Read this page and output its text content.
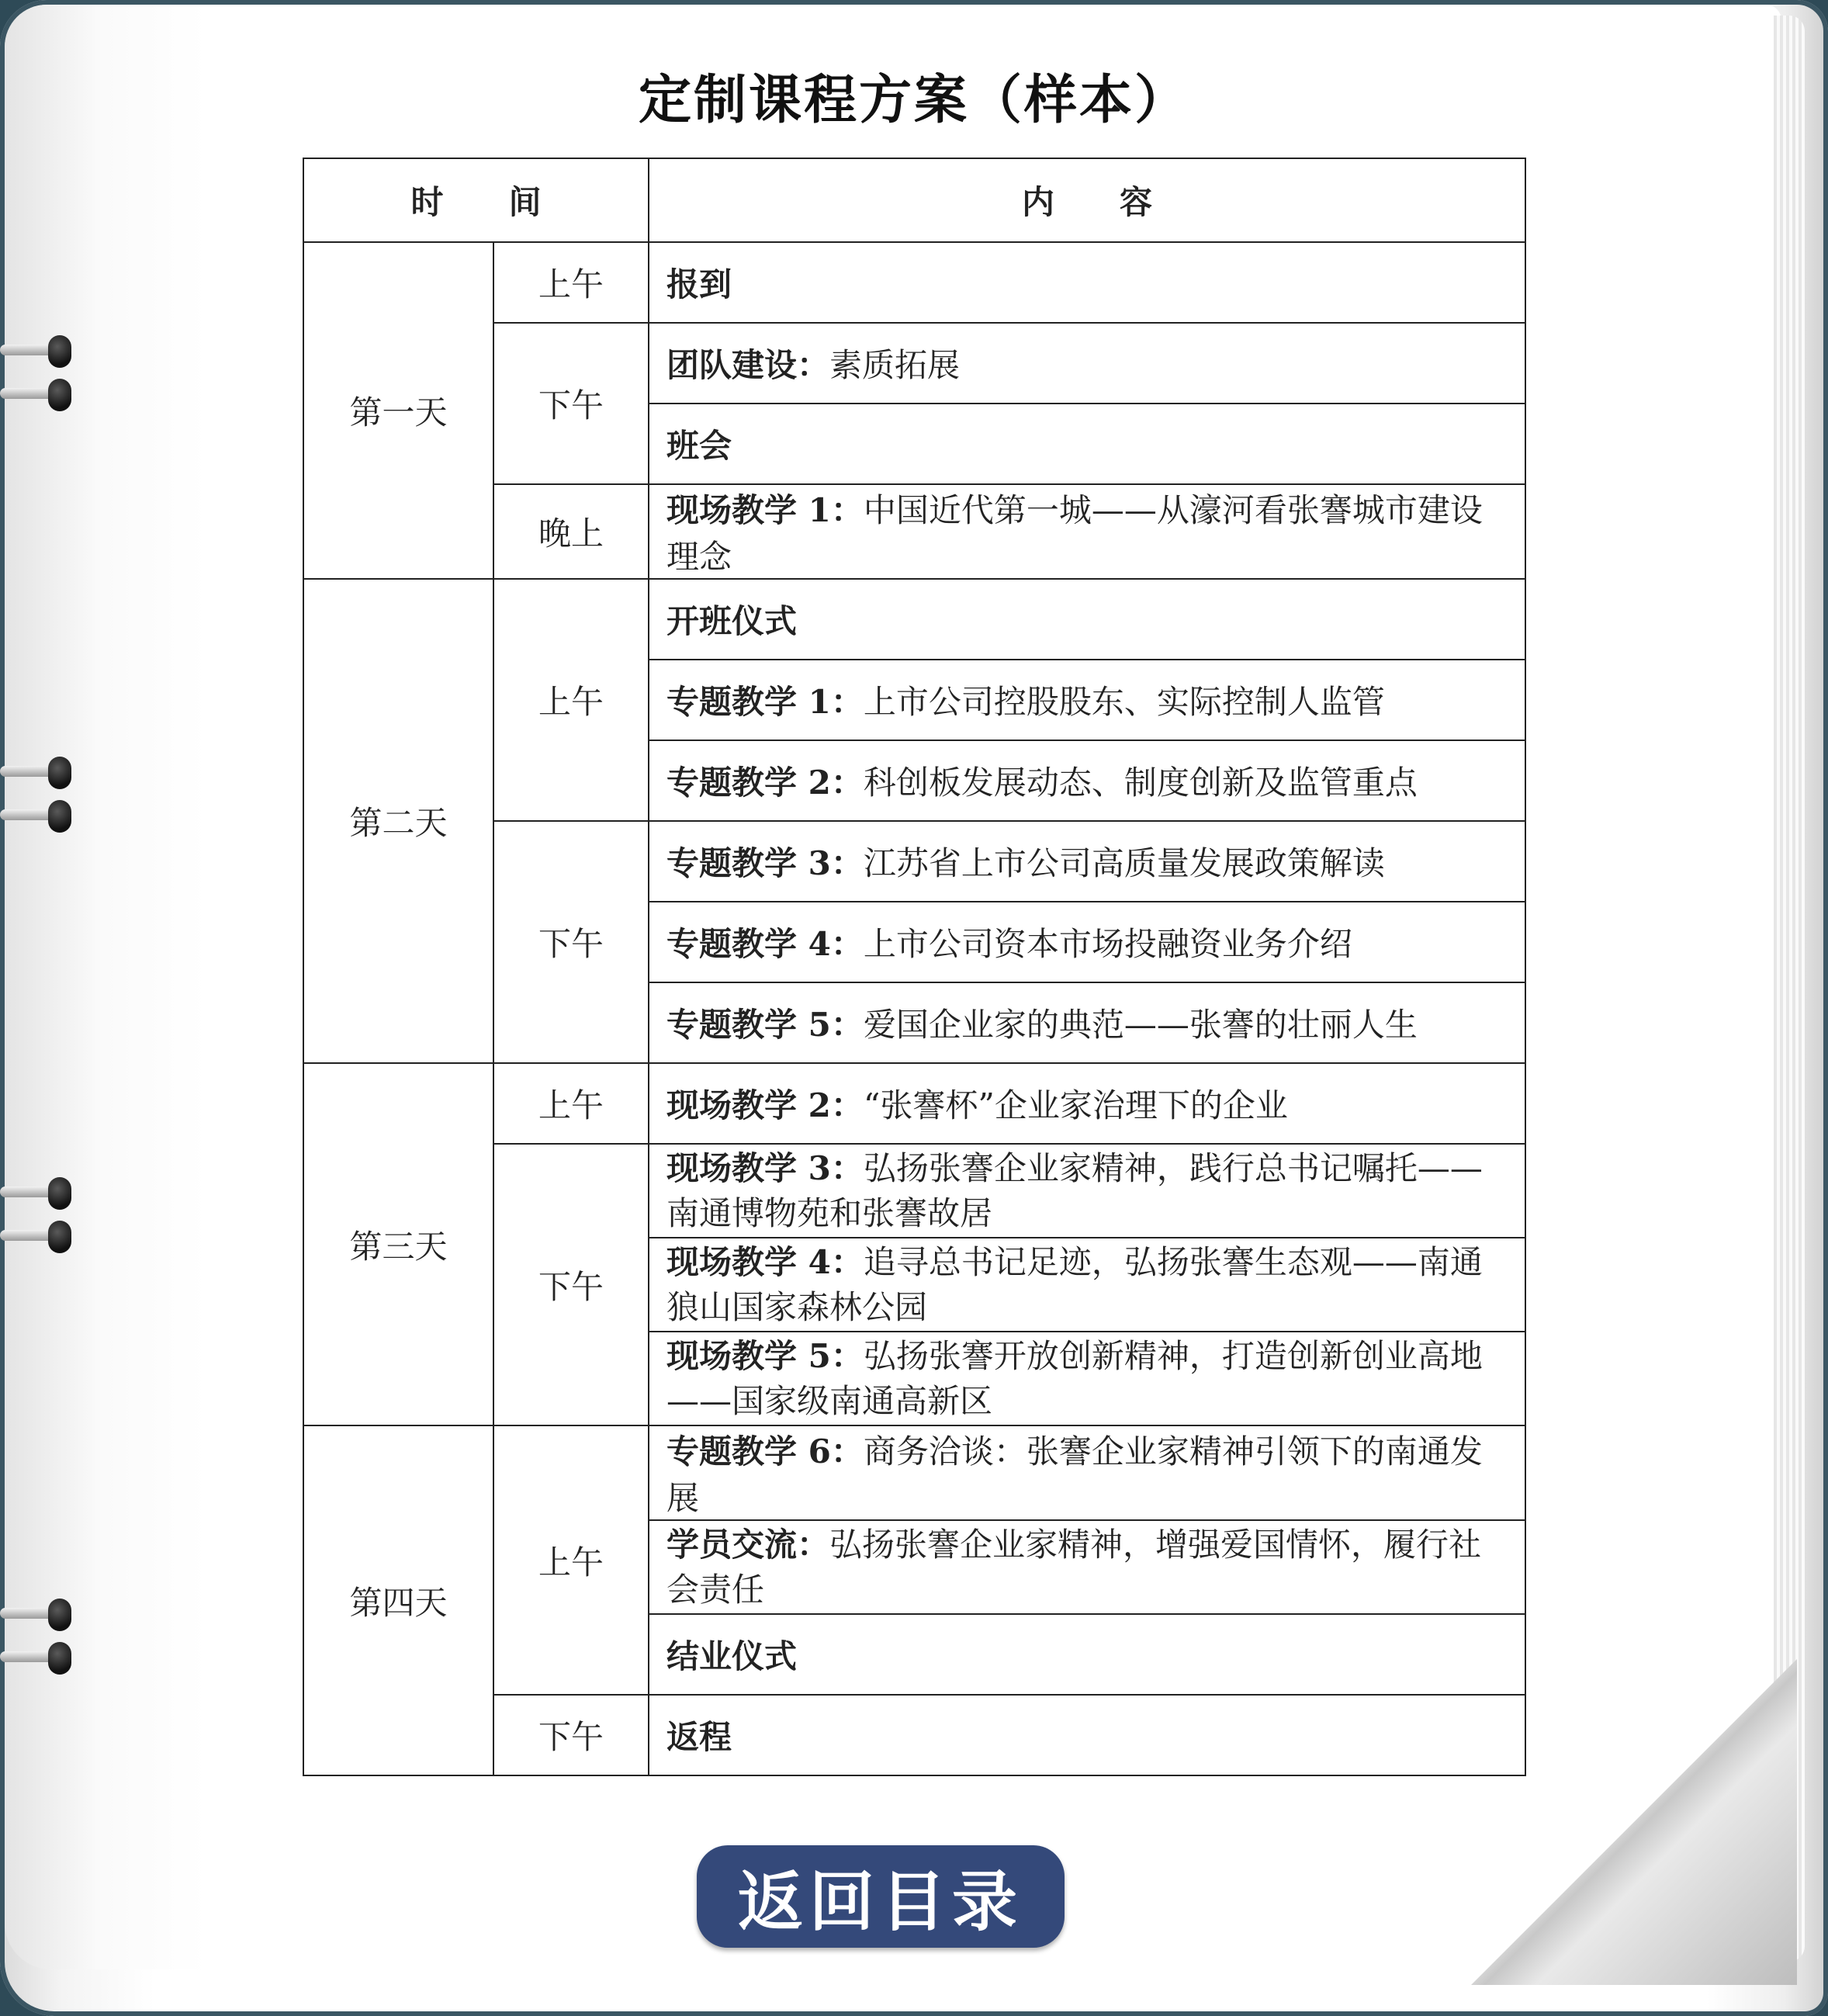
定制课程方案（样本）
时　　间		内　　容
第一天	上午	报到
	下午	团队建设：素质拓展
		班会
	晚上	现场教学 1：中国近代第一城——从濠河看张謇城市建设理念
第二天	上午	开班仪式
		专题教学 1：上市公司控股股东、实际控制人监管
		专题教学 2：科创板发展动态、制度创新及监管重点
	下午	专题教学 3：江苏省上市公司高质量发展政策解读
		专题教学 4：上市公司资本市场投融资业务介绍
		专题教学 5：爱国企业家的典范——张謇的壮丽人生
第三天	上午	现场教学 2：“张謇杯”企业家治理下的企业
	下午	现场教学 3：弘扬张謇企业家精神，践行总书记嘱托——南通博物苑和张謇故居
		现场教学 4：追寻总书记足迹，弘扬张謇生态观——南通狼山国家森林公园
		现场教学 5：弘扬张謇开放创新精神，打造创新创业高地——国家级南通高新区
第四天	上午	专题教学 6：商务洽谈：张謇企业家精神引领下的南通发展
		学员交流：弘扬张謇企业家精神，增强爱国情怀，履行社会责任
		结业仪式
	下午	返程
返回目录
